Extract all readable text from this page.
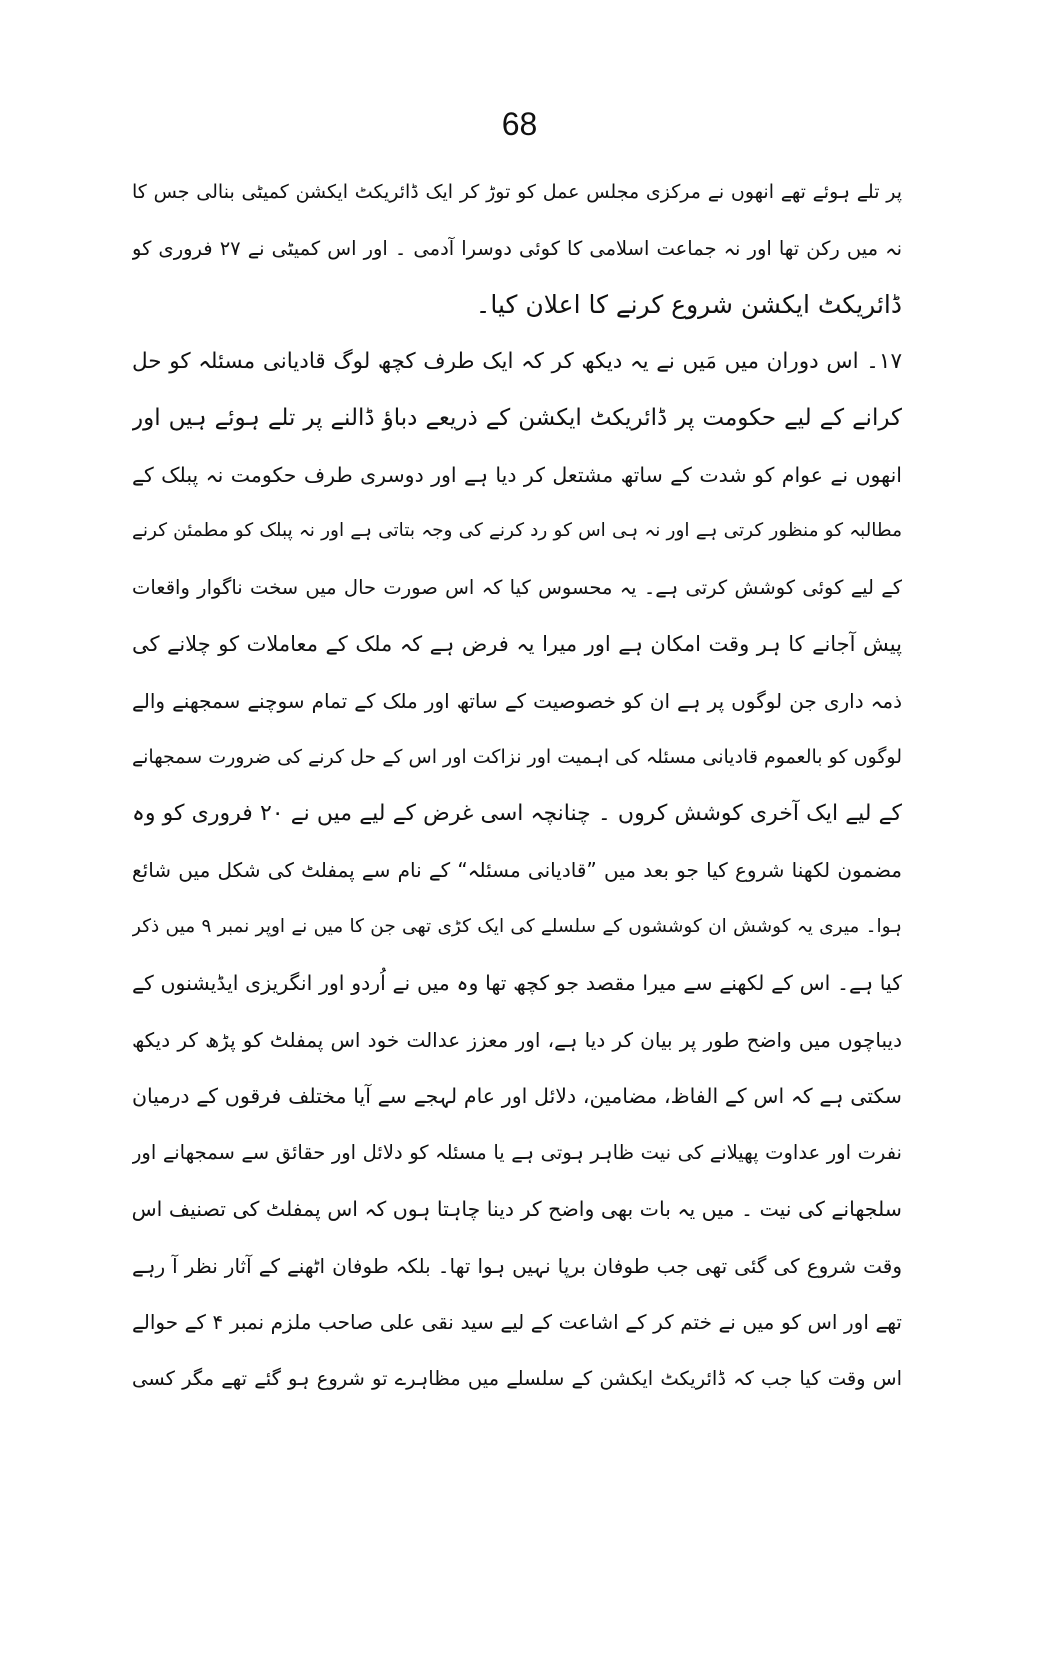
68
پر تلے ہوئے تھے انھوں نے مرکزی مجلس عمل کو توڑ کر ایک ڈائریکٹ ایکشن کمیٹی بنالی جس کا
نہ میں رکن تھا اور نہ جماعت اسلامی کا کوئی دوسرا آدمی ۔ اور اس کمیٹی نے ۲۷ فروری کو
ڈائریکٹ ایکشن شروع کرنے کا اعلان کیا۔
۱۷۔ اس دوران میں مَیں نے یہ دیکھ کر کہ ایک طرف کچھ لوگ قادیانی مسئلہ کو حل
کرانے کے لیے حکومت پر ڈائریکٹ ایکشن کے ذریعے دباؤ ڈالنے پر تلے ہوئے ہیں اور
انھوں نے عوام کو شدت کے ساتھ مشتعل کر دیا ہے اور دوسری طرف حکومت نہ پبلک کے
مطالبہ کو منظور کرتی ہے اور نہ ہی اس کو رد کرنے کی وجہ بتاتی ہے اور نہ پبلک کو مطمئن کرنے
کے لیے کوئی کوشش کرتی ہے۔ یہ محسوس کیا کہ اس صورت حال میں سخت ناگوار واقعات
پیش آجانے کا ہر وقت امکان ہے اور میرا یہ فرض ہے کہ ملک کے معاملات کو چلانے کی
ذمہ داری جن لوگوں پر ہے ان کو خصوصیت کے ساتھ اور ملک کے تمام سوچنے سمجھنے والے
لوگوں کو بالعموم قادیانی مسئلہ کی اہمیت اور نزاکت اور اس کے حل کرنے کی ضرورت سمجھانے
کے لیے ایک آخری کوشش کروں ۔ چنانچہ اسی غرض کے لیے میں نے ۲۰ فروری کو وہ
مضمون لکھنا شروع کیا جو بعد میں ”قادیانی مسئلہ“ کے نام سے پمفلٹ کی شکل میں شائع
ہوا۔ میری یہ کوشش ان کوششوں کے سلسلے کی ایک کڑی تھی جن کا میں نے اوپر نمبر ۹ میں ذکر
کیا ہے۔ اس کے لکھنے سے میرا مقصد جو کچھ تھا وہ میں نے اُردو اور انگریزی ایڈیشنوں کے
دیباچوں میں واضح طور پر بیان کر دیا ہے، اور معزز عدالت خود اس پمفلٹ کو پڑھ کر دیکھ
سکتی ہے کہ اس کے الفاظ، مضامین، دلائل اور عام لہجے سے آیا مختلف فرقوں کے درمیان
نفرت اور عداوت پھیلانے کی نیت ظاہر ہوتی ہے یا مسئلہ کو دلائل اور حقائق سے سمجھانے اور
سلجھانے کی نیت ۔ میں یہ بات بھی واضح کر دینا چاہتا ہوں کہ اس پمفلٹ کی تصنیف اس
وقت شروع کی گئی تھی جب طوفان برپا نہیں ہوا تھا۔ بلکہ طوفان اٹھنے کے آثار نظر آ رہے
تھے اور اس کو میں نے ختم کر کے اشاعت کے لیے سید نقی علی صاحب ملزم نمبر ۴ کے حوالے
اس وقت کیا جب کہ ڈائریکٹ ایکشن کے سلسلے میں مظاہرے تو شروع ہو گئے تھے مگر کسی
